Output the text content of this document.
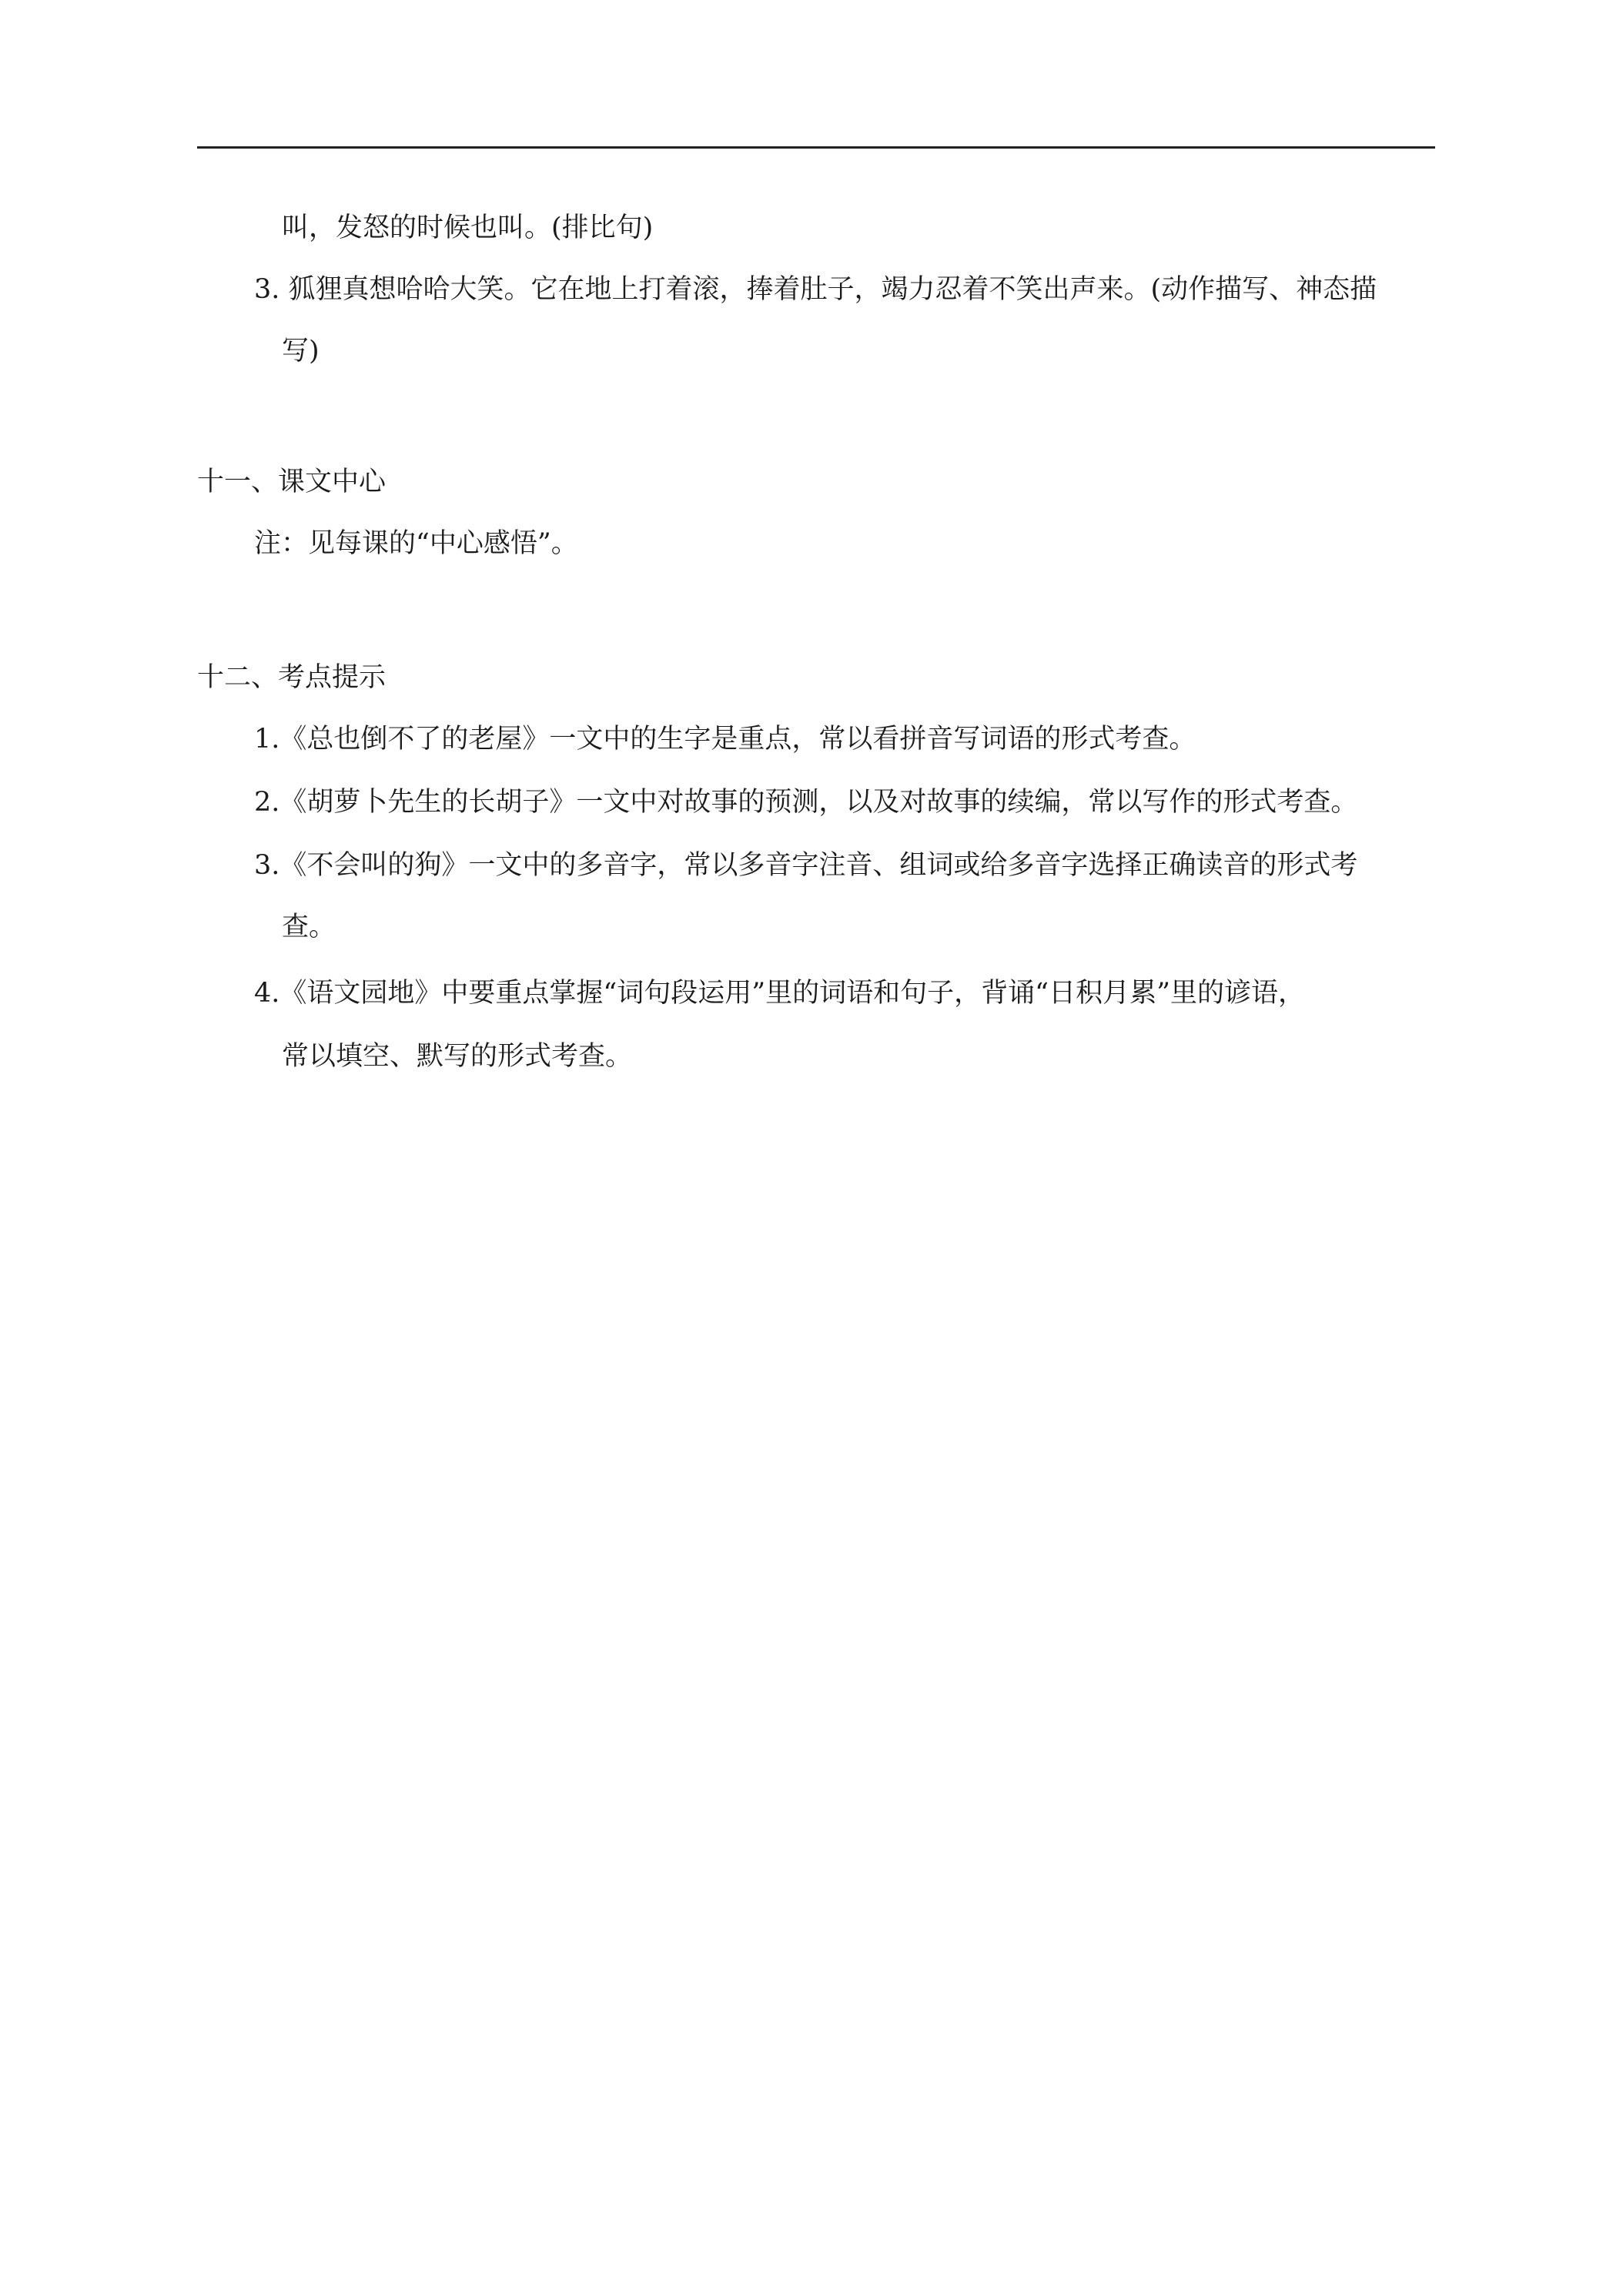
叫，发怒的时候也叫。(排比句)
3. 狐狸真想哈哈大笑。它在地上打着滚，捧着肚子，竭力忍着不笑出声来。(动作描写、神态描
写)
十一、课文中心
注：见每课的“中心感悟”。
十二、考点提示
1.《总也倒不了的老屋》一文中的生字是重点，常以看拼音写词语的形式考查。
2.《胡萝卜先生的长胡子》一文中对故事的预测，以及对故事的续编，常以写作的形式考查。
3.《不会叫的狗》一文中的多音字，常以多音字注音、组词或给多音字选择正确读音的形式考
查。
4.《语文园地》中要重点掌握“词句段运用”里的词语和句子，背诵“日积月累”里的谚语，
常以填空、默写的形式考查。
